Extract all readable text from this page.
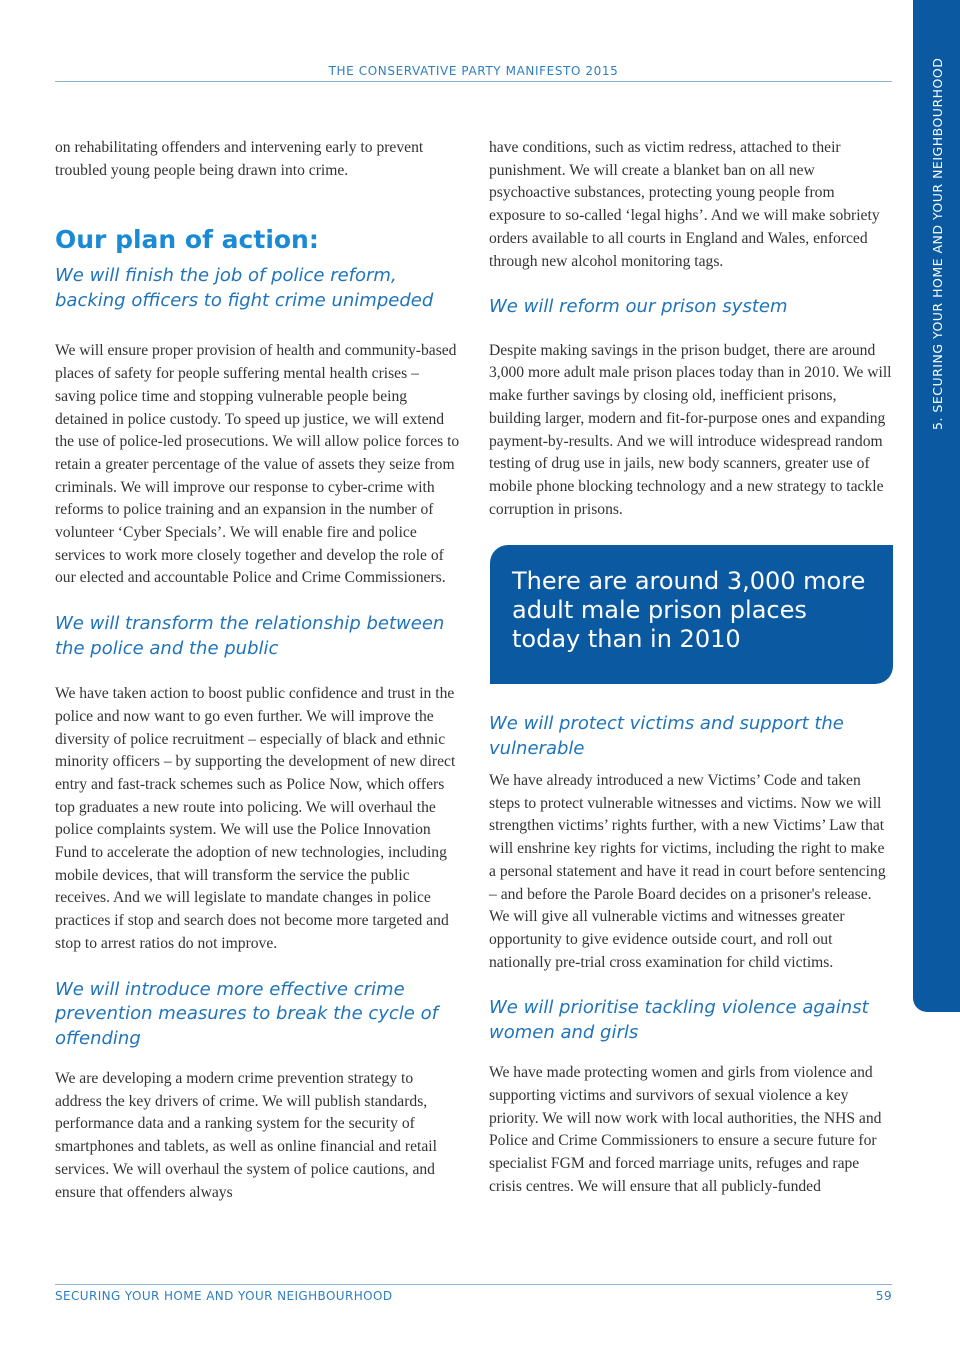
THE CONSERVATIVE PARTY MANIFESTO 2015	5. SECURING YOUR HOME AND YOUR NEIGHBOURHOOD

on rehabilitating offenders and intervening early to prevent troubled young people being drawn into crime.

Our plan of action:
We will finish the job of police reform, backing officers to fight crime unimpeded

We will ensure proper provision of health and community-based places of safety for people suffering mental health crises – saving police time and stopping vulnerable people being detained in police custody. To speed up justice, we will extend the use of police-led prosecutions. We will allow police forces to retain a greater percentage of the value of assets they seize from criminals. We will improve our response to cyber-crime with reforms to police training and an expansion in the number of volunteer ‘Cyber Specials’. We will enable fire and police services to work more closely together and develop the role of our elected and accountable Police and Crime Commissioners.

We will transform the relationship between the police and the public

We have taken action to boost public confidence and trust in the police and now want to go even further. We will improve the diversity of police recruitment – especially of black and ethnic minority officers – by supporting the development of new direct entry and fast-track schemes such as Police Now, which offers top graduates a new route into policing. We will overhaul the police complaints system. We will use the Police Innovation Fund to accelerate the adoption of new technologies, including mobile devices, that will transform the service the public receives. And we will legislate to mandate changes in police practices if stop and search does not become more targeted and stop to arrest ratios do not improve.

We will introduce more effective crime prevention measures to break the cycle of offending

We are developing a modern crime prevention strategy to address the key drivers of crime. We will publish standards, performance data and a ranking system for the security of smartphones and tablets, as well as online financial and retail services. We will overhaul the system of police cautions, and ensure that offenders always

have conditions, such as victim redress, attached to their punishment. We will create a blanket ban on all new psychoactive substances, protecting young people from exposure to so-called ‘legal highs’. And we will make sobriety orders available to all courts in England and Wales, enforced through new alcohol monitoring tags.

We will reform our prison system

Despite making savings in the prison budget, there are around 3,000 more adult male prison places today than in 2010. We will make further savings by closing old, inefficient prisons, building larger, modern and fit-for-purpose ones and expanding payment-by-results. And we will introduce widespread random testing of drug use in jails, new body scanners, greater use of mobile phone blocking technology and a new strategy to tackle corruption in prisons.

There are around 3,000 more adult male prison places today than in 2010
We will protect victims and support the vulnerable

We have already introduced a new Victims’ Code and taken steps to protect vulnerable witnesses and victims. Now we will strengthen victims’ rights further, with a new Victims’ Law that will enshrine key rights for victims, including the right to make a personal statement and have it read in court before sentencing – and before the Parole Board decides on a prisoner's release. We will give all vulnerable victims and witnesses greater opportunity to give evidence outside court, and roll out nationally pre-trial cross examination for child victims.

We will prioritise tackling violence against women and girls

We have made protecting women and girls from violence and supporting victims and survivors of sexual violence a key priority. We will now work with local authorities, the NHS and Police and Crime Commissioners to ensure a secure future for specialist FGM and forced marriage units, refuges and rape crisis centres. We will ensure that all publicly-funded

SECURING YOUR HOME AND YOUR NEIGHBOURHOOD	59
